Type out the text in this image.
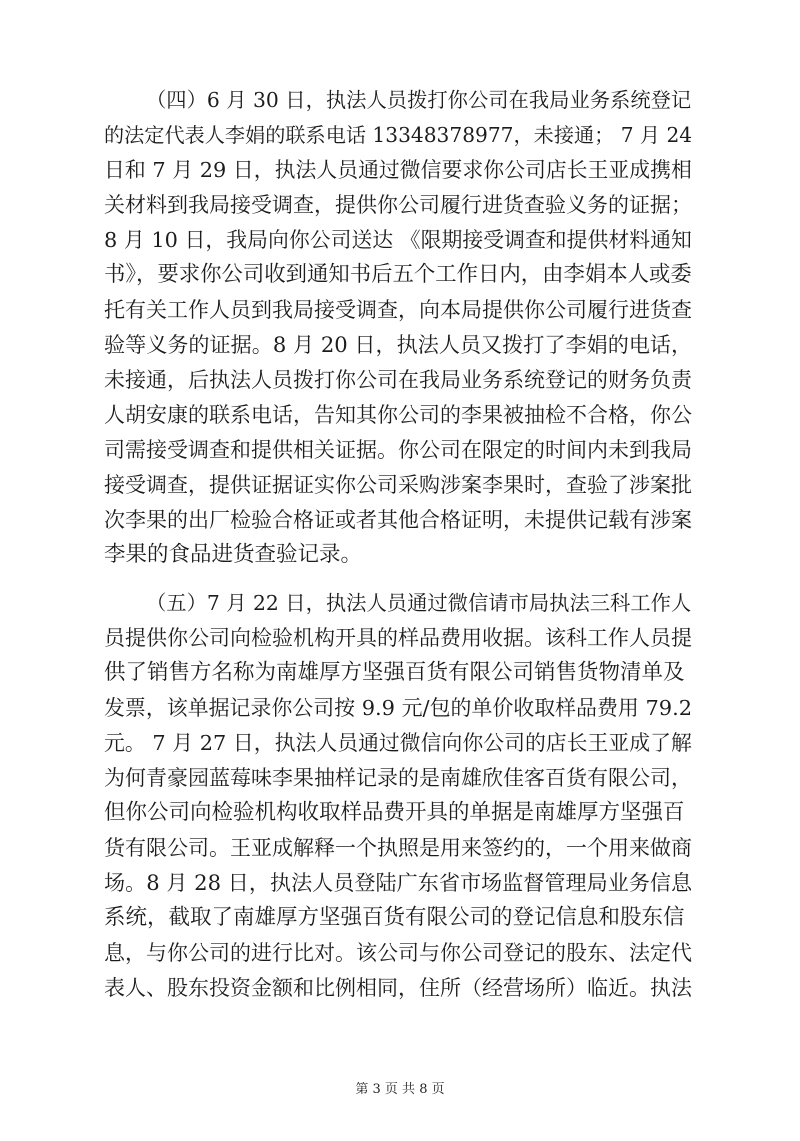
（四）6 月 30 日，执法人员拨打你公司在我局业务系统登记

的法定代表人李娟的联系电话 13348378977，未接通； 7 月 24

日和 7 月 29 日，执法人员通过微信要求你公司店长王亚成携相

关材料到我局接受调查，提供你公司履行进货查验义务的证据；

8 月 10 日，我局向你公司送达 《限期接受调查和提供材料通知

书》，要求你公司收到通知书后五个工作日内，由李娟本人或委

托有关工作人员到我局接受调查，向本局提供你公司履行进货查

验等义务的证据。8 月 20 日，执法人员又拨打了李娟的电话，

未接通，后执法人员拨打你公司在我局业务系统登记的财务负责

人胡安康的联系电话，告知其你公司的李果被抽检不合格，你公

司需接受调查和提供相关证据。你公司在限定的时间内未到我局

接受调查，提供证据证实你公司采购涉案李果时，查验了涉案批

次李果的出厂检验合格证或者其他合格证明，未提供记载有涉案

李果的食品进货查验记录。

（五）7 月 22 日，执法人员通过微信请市局执法三科工作人

员提供你公司向检验机构开具的样品费用收据。该科工作人员提

供了销售方名称为南雄厚方坚强百货有限公司销售货物清单及

发票，该单据记录你公司按 9.9 元/包的单价收取样品费用 79.2

元。 7 月 27 日，执法人员通过微信向你公司的店长王亚成了解

为何青豪园蓝莓味李果抽样记录的是南雄欣佳客百货有限公司，

但你公司向检验机构收取样品费开具的单据是南雄厚方坚强百

货有限公司。王亚成解释一个执照是用来签约的，一个用来做商

场。8 月 28 日，执法人员登陆广东省市场监督管理局业务信息

系统，截取了南雄厚方坚强百货有限公司的登记信息和股东信

息，与你公司的进行比对。该公司与你公司登记的股东、法定代

表人、股东投资金额和比例相同，住所（经营场所）临近。执法

第 3 页 共 8 页
